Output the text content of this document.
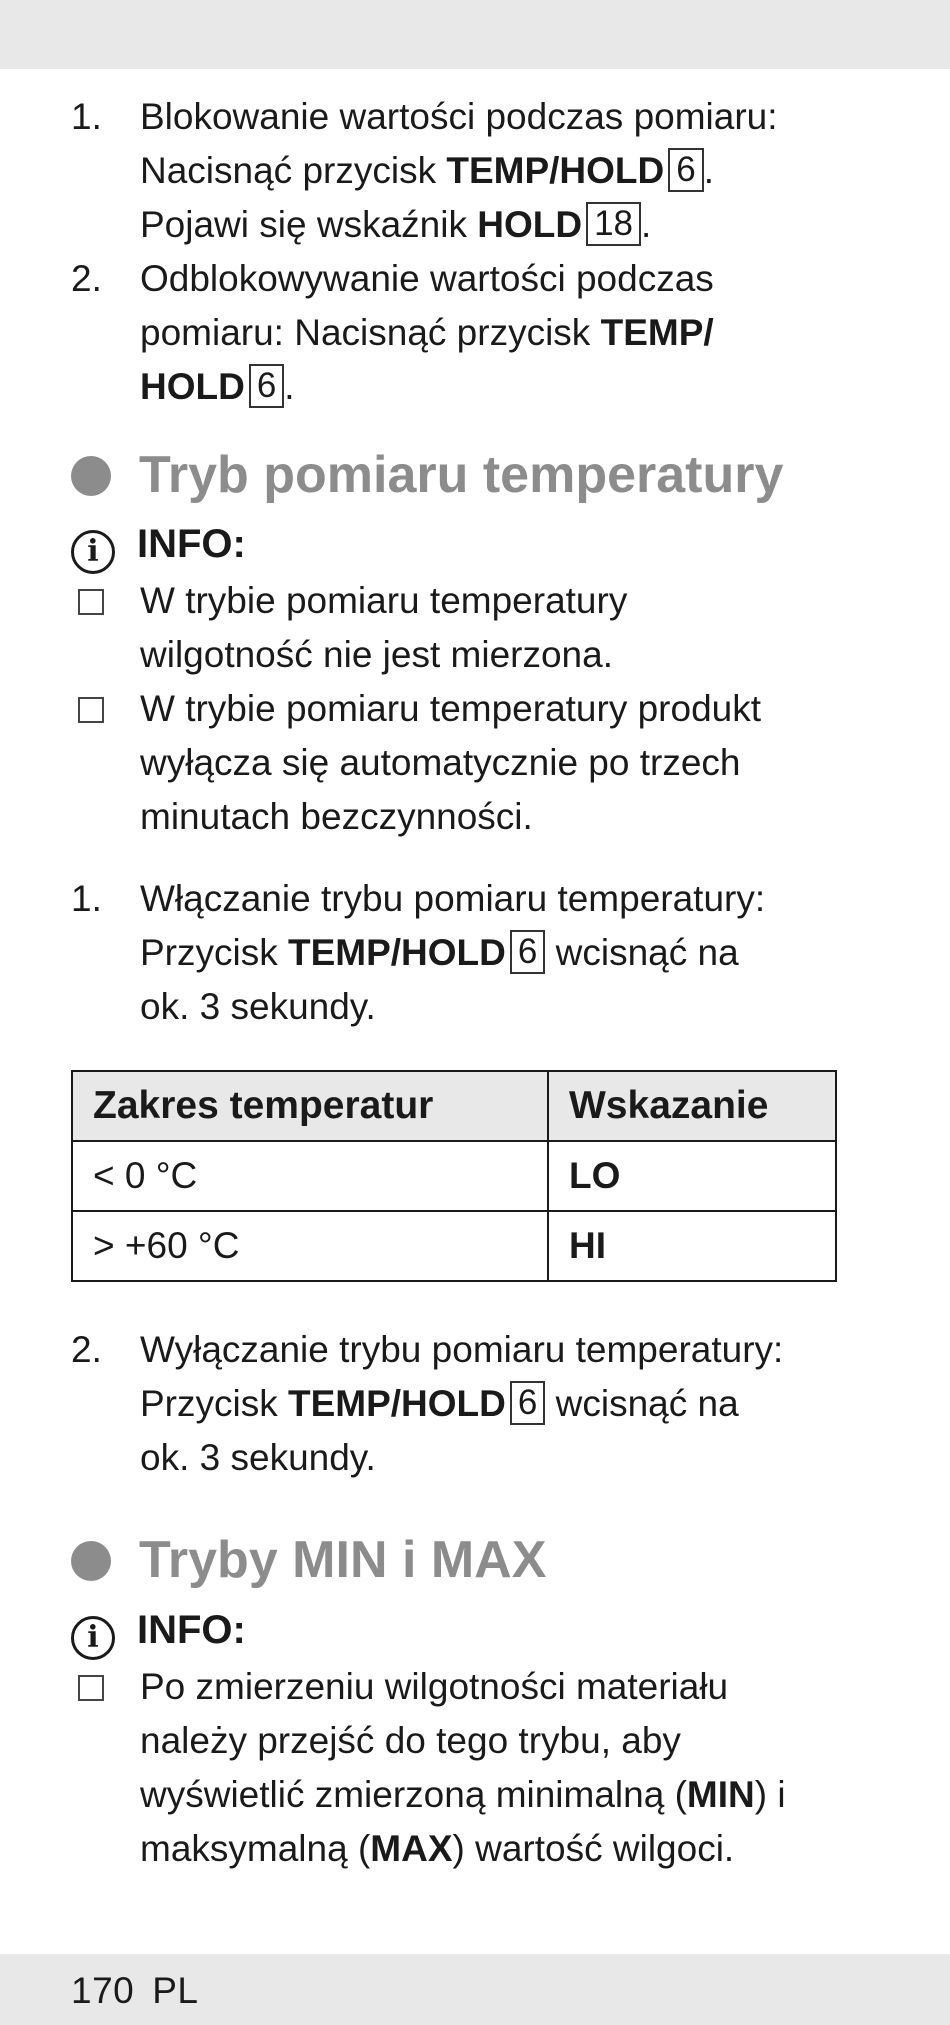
1. Blokowanie wartości podczas pomiaru:
Nacisnąć przycisk TEMP/HOLD 6 .
Pojawi się wskaźnik HOLD 18 .
2. Odblokowywanie wartości podczas
pomiaru: Nacisnąć przycisk TEMP/
HOLD 6 .
Tryb pomiaru temperatury
i INFO:
W trybie pomiaru temperatury
wilgotność nie jest mierzona.
W trybie pomiaru temperatury produkt
wyłącza się automatycznie po trzech
minutach bezczynności.
1. Włączanie trybu pomiaru temperatury:
Przycisk TEMP/HOLD 6 wcisnąć na
ok. 3 sekundy.
Zakres temperatur	Wskazanie
< 0 °C	LO
> +60 °C	HI
2. Wyłączanie trybu pomiaru temperatury:
Przycisk TEMP/HOLD 6 wcisnąć na
ok. 3 sekundy.
Tryby MIN i MAX
i INFO:
Po zmierzeniu wilgotności materiału
należy przejść do tego trybu, aby
wyświetlić zmierzoną minimalną (MIN) i
maksymalną (MAX) wartość wilgoci.
170 PL
